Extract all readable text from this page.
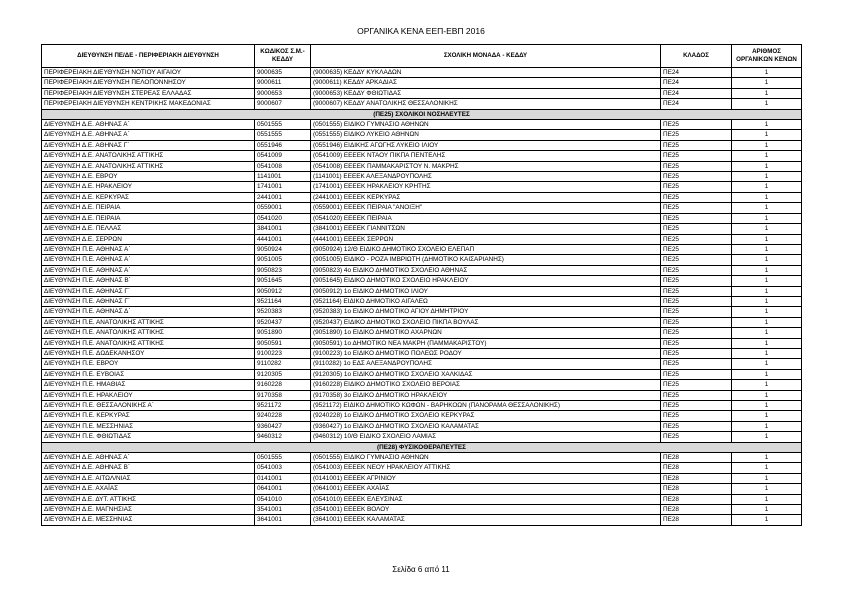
ΟΡΓΑΝΙΚΑ ΚΕΝΑ ΕΕΠ-ΕΒΠ 2016
ΔΙΕΥΘΥΝΣΗ ΠΕ/ΔΕ - ΠΕΡΙΦΕΡΙΑΚΗ ΔΙΕΥΘΥΝΣΗ	ΚΩΔΙΚΟΣ Σ.Μ.-ΚΕΔΔΥ	ΣΧΟΛΙΚΗ ΜΟΝΑΔΑ - ΚΕΔΔΥ	ΚΛΑΔΟΣ	ΑΡΙΘΜΟΣ ΟΡΓΑΝΙΚΩΝ ΚΕΝΩΝ
ΠΕΡΙΦΕΡΕΙΑΚΗ ΔΙΕΥΘΥΝΣΗ ΝΟΤΙΟΥ ΑΙΓΑΙΟΥ	9000635	(9000635) ΚΕΔΔΥ ΚΥΚΛΑΔΩΝ	ΠΕ24	1
ΠΕΡΙΦΕΡΕΙΑΚΗ ΔΙΕΥΘΥΝΣΗ ΠΕΛΟΠΟΝΝΗΣΟΥ	9000611	(9000611) ΚΕΔΔΥ ΑΡΚΑΔΙΑΣ	ΠΕ24	1
ΠΕΡΙΦΕΡΕΙΑΚΗ ΔΙΕΥΘΥΝΣΗ ΣΤΕΡΕΑΣ ΕΛΛΑΔΑΣ	9000653	(9000653) ΚΕΔΔΥ ΦΘΙΩΤΙΔΑΣ	ΠΕ24	1
ΠΕΡΙΦΕΡΕΙΑΚΗ ΔΙΕΥΘΥΝΣΗ ΚΕΝΤΡΙΚΗΣ ΜΑΚΕΔΟΝΙΑΣ	9000607	(9000607) ΚΕΔΔΥ ΑΝΑΤΟΛΙΚΗΣ ΘΕΣΣΑΛΟΝΙΚΗΣ	ΠΕ24	1
(ΠΕ25) ΣΧΟΛΙΚΟΙ ΝΟΣΗΛΕΥΤΕΣ				
ΔΙΕΥΘΥΝΣΗ Δ.Ε. ΑΘΗΝΑΣ Α΄	0501555	(0501555) ΕΙΔΙΚΟ ΓΥΜΝΑΣΙΟ ΑΘΗΝΩΝ	ΠΕ25	1
ΔΙΕΥΘΥΝΣΗ Δ.Ε. ΑΘΗΝΑΣ Α΄	0551555	(0551555) ΕΙΔΙΚΟ ΛΥΚΕΙΟ ΑΘΗΝΩΝ	ΠΕ25	1
ΔΙΕΥΘΥΝΣΗ Δ.Ε. ΑΘΗΝΑΣ Γ΄	0551946	(0551946) ΕΙΔΙΚΗΣ ΑΓΩΓΗΣ ΛΥΚΕΙΟ ΙΛΙΟΥ	ΠΕ25	1
ΔΙΕΥΘΥΝΣΗ Δ.Ε. ΑΝΑΤΟΛΙΚΗΣ ΑΤΤΙΚΗΣ	0541009	(0541009) ΕΕΕΕΚ ΝΤΑΟΥ ΠΙΚΠΑ ΠΕΝΤΕΛΗΣ	ΠΕ25	1
ΔΙΕΥΘΥΝΣΗ Δ.Ε. ΑΝΑΤΟΛΙΚΗΣ ΑΤΤΙΚΗΣ	0541008	(0541008) ΕΕΕΕΚ ΠΑΜΜΑΚΑΡΙΣΤΟΥ Ν. ΜΑΚΡΗΣ	ΠΕ25	1
ΔΙΕΥΘΥΝΣΗ Δ.Ε. ΕΒΡΟΥ	1141001	(1141001) ΕΕΕΕΚ ΑΛΕΞΑΝΔΡΟΥΠΟΛΗΣ	ΠΕ25	1
ΔΙΕΥΘΥΝΣΗ Δ.Ε. ΗΡΑΚΛΕΙΟΥ	1741001	(1741001) ΕΕΕΕΚ ΗΡΑΚΛΕΙΟΥ ΚΡΗΤΗΣ	ΠΕ25	1
ΔΙΕΥΘΥΝΣΗ Δ.Ε. ΚΕΡΚΥΡΑΣ	2441001	(2441001) ΕΕΕΕΚ ΚΕΡΚΥΡΑΣ	ΠΕ25	1
ΔΙΕΥΘΥΝΣΗ Δ.Ε. ΠΕΙΡΑΙΑ	0559001	(0559001) ΕΕΕΕΚ ΠΕΙΡΑΙΑ "ΑΝΟΙΞΗ"	ΠΕ25	1
ΔΙΕΥΘΥΝΣΗ Δ.Ε. ΠΕΙΡΑΙΑ	0541020	(0541020) ΕΕΕΕΚ ΠΕΙΡΑΙΑ	ΠΕ25	1
ΔΙΕΥΘΥΝΣΗ Δ.Ε. ΠΕΛΛΑΣ	3841001	(3841001) ΕΕΕΕΚ ΓΙΑΝΝΙΤΣΩΝ	ΠΕ25	1
ΔΙΕΥΘΥΝΣΗ Δ.Ε. ΣΕΡΡΩΝ	4441001	(4441001) ΕΕΕΕΚ ΣΕΡΡΩΝ	ΠΕ25	1
ΔΙΕΥΘΥΝΣΗ Π.Ε. ΑΘΗΝΑΣ Α΄	9050924	(9050924) 12/Θ ΕΙΔΙΚΟ ΔΗΜΟΤΙΚΟ ΣΧΟΛΕΙΟ ΕΛΕΠΑΠ	ΠΕ25	1
ΔΙΕΥΘΥΝΣΗ Π.Ε. ΑΘΗΝΑΣ Α΄	9051005	(9051005) ΕΙΔΙΚΟ - ΡΟΖΑ ΙΜΒΡΙΩΤΗ (ΔΗΜΟΤΙΚΟ ΚΑΙΣΑΡΙΑΝΗΣ)	ΠΕ25	1
ΔΙΕΥΘΥΝΣΗ Π.Ε. ΑΘΗΝΑΣ Α΄	9050823	(9050823) 4ο ΕΙΔΙΚΟ ΔΗΜΟΤΙΚΟ ΣΧΟΛΕΙΟ ΑΘΗΝΑΣ	ΠΕ25	1
ΔΙΕΥΘΥΝΣΗ Π.Ε. ΑΘΗΝΑΣ Β΄	9051645	(9051645) ΕΙΔΙΚΟ ΔΗΜΟΤΙΚΟ ΣΧΟΛΕΙΟ ΗΡΑΚΛΕΙΟΥ	ΠΕ25	1
ΔΙΕΥΘΥΝΣΗ Π.Ε. ΑΘΗΝΑΣ Γ΄	9050912	(9050912) 1ο ΕΙΔΙΚΟ ΔΗΜΟΤΙΚΟ ΙΛΙΟΥ	ΠΕ25	1
ΔΙΕΥΘΥΝΣΗ Π.Ε. ΑΘΗΝΑΣ Γ΄	9521164	(9521164) ΕΙΔΙΚΟ ΔΗΜΟΤΙΚΟ ΑΙΓΑΛΕΩ	ΠΕ25	1
ΔΙΕΥΘΥΝΣΗ Π.Ε. ΑΘΗΝΑΣ Δ΄	9520383	(9520383) 1ο ΕΙΔΙΚΟ ΔΗΜΟΤΙΚΟ ΑΓΙΟΥ ΔΗΜΗΤΡΙΟΥ	ΠΕ25	1
ΔΙΕΥΘΥΝΣΗ Π.Ε. ΑΝΑΤΟΛΙΚΗΣ ΑΤΤΙΚΗΣ	9520437	(9520437) ΕΙΔΙΚΟ ΔΗΜΟΤΙΚΟ ΣΧΟΛΕΙΟ ΠΙΚΠΑ ΒΟΥΛΑΣ	ΠΕ25	1
ΔΙΕΥΘΥΝΣΗ Π.Ε. ΑΝΑΤΟΛΙΚΗΣ ΑΤΤΙΚΗΣ	9051890	(9051890) 1ο ΕΙΔΙΚΟ ΔΗΜΟΤΙΚΟ ΑΧΑΡΝΩΝ	ΠΕ25	1
ΔΙΕΥΘΥΝΣΗ Π.Ε. ΑΝΑΤΟΛΙΚΗΣ ΑΤΤΙΚΗΣ	9050591	(9050591) 1ο ΔΗΜΟΤΙΚΟ ΝΕΑ ΜΑΚΡΗ (ΠΑΜΜΑΚΑΡΙΣΤΟΥ)	ΠΕ25	1
ΔΙΕΥΘΥΝΣΗ Π.Ε. ΔΩΔΕΚΑΝΗΣΟΥ	9100223	(9100223) 1ο ΕΙΔΙΚΟ ΔΗΜΟΤΙΚΟ ΠΟΛΕΩΣ ΡΟΔΟΥ	ΠΕ25	1
ΔΙΕΥΘΥΝΣΗ Π.Ε. ΕΒΡΟΥ	9110282	(9110282) 1ο ΕΔΣ ΑΛΕΞΑΝΔΡΟΥΠΟΛΗΣ	ΠΕ25	1
ΔΙΕΥΘΥΝΣΗ Π.Ε. ΕΥΒΟΙΑΣ	9120305	(9120305) 1ο ΕΙΔΙΚΟ ΔΗΜΟΤΙΚΟ ΣΧΟΛΕΙΟ ΧΑΛΚΙΔΑΣ	ΠΕ25	1
ΔΙΕΥΘΥΝΣΗ Π.Ε. ΗΜΑΘΙΑΣ	9160228	(9160228) ΕΙΔΙΚΟ ΔΗΜΟΤΙΚΟ ΣΧΟΛΕΙΟ ΒΕΡΟΙΑΣ	ΠΕ25	1
ΔΙΕΥΘΥΝΣΗ Π.Ε. ΗΡΑΚΛΕΙΟΥ	9170358	(9170358) 3ο ΕΙΔΙΚΟ ΔΗΜΟΤΙΚΟ ΗΡΑΚΛΕΙΟΥ	ΠΕ25	1
ΔΙΕΥΘΥΝΣΗ Π.Ε. ΘΕΣΣΑΛΟΝΙΚΗΣ Α΄	9521172	(9521172) ΕΙΔΙΚΟ ΔΗΜΟΤΙΚΟ ΚΩΦΩΝ - ΒΑΡΗΚΟΩΝ (ΠΑΝΟΡΑΜΑ ΘΕΣΣΑΛΟΝΙΚΗΣ)	ΠΕ25	1
ΔΙΕΥΘΥΝΣΗ Π.Ε. ΚΕΡΚΥΡΑΣ	9240228	(9240228) 1ο ΕΙΔΙΚΟ ΔΗΜΟΤΙΚΟ ΣΧΟΛΕΙΟ ΚΕΡΚΥΡΑΣ	ΠΕ25	1
ΔΙΕΥΘΥΝΣΗ Π.Ε. ΜΕΣΣΗΝΙΑΣ	9360427	(9360427) 1ο ΕΙΔΙΚΟ ΔΗΜΟΤΙΚΟ ΣΧΟΛΕΙΟ ΚΑΛΑΜΑΤΑΣ	ΠΕ25	1
ΔΙΕΥΘΥΝΣΗ Π.Ε. ΦΘΙΩΤΙΔΑΣ	9460312	(9460312) 10/Θ ΕΙΔΙΚΟ ΣΧΟΛΕΙΟ ΛΑΜΙΑΣ	ΠΕ25	1
(ΠΕ28) ΦΥΣΙΚΟΘΕΡΑΠΕΥΤΕΣ				
ΔΙΕΥΘΥΝΣΗ Δ.Ε. ΑΘΗΝΑΣ Α΄	0501555	(0501555) ΕΙΔΙΚΟ ΓΥΜΝΑΣΙΟ ΑΘΗΝΩΝ	ΠΕ28	1
ΔΙΕΥΘΥΝΣΗ Δ.Ε. ΑΘΗΝΑΣ Β΄	0541003	(0541003) ΕΕΕΕΚ ΝΕΟΥ ΗΡΑΚΛΕΙΟΥ ΑΤΤΙΚΗΣ	ΠΕ28	1
ΔΙΕΥΘΥΝΣΗ Δ.Ε. ΑΙΤΩΛ/ΝΙΑΣ	0141001	(0141001) ΕΕΕΕΚ ΑΓΡΙΝΙΟΥ	ΠΕ28	1
ΔΙΕΥΘΥΝΣΗ Δ.Ε. ΑΧΑΪΑΣ	0641001	(0641001) ΕΕΕΕΚ ΑΧΑΪΑΣ	ΠΕ28	1
ΔΙΕΥΘΥΝΣΗ Δ.Ε. ΔΥΤ. ΑΤΤΙΚΗΣ	0541010	(0541010) ΕΕΕΕΚ ΕΛΕΥΣΙΝΑΣ	ΠΕ28	1
ΔΙΕΥΘΥΝΣΗ Δ.Ε. ΜΑΓΝΗΣΙΑΣ	3541001	(3541001) ΕΕΕΕΚ ΒΟΛΟΥ	ΠΕ28	1
ΔΙΕΥΘΥΝΣΗ Δ.Ε. ΜΕΣΣΗΝΙΑΣ	3641001	(3641001) ΕΕΕΕΚ ΚΑΛΑΜΑΤΑΣ	ΠΕ28	1
Σελίδα 6 από 11
